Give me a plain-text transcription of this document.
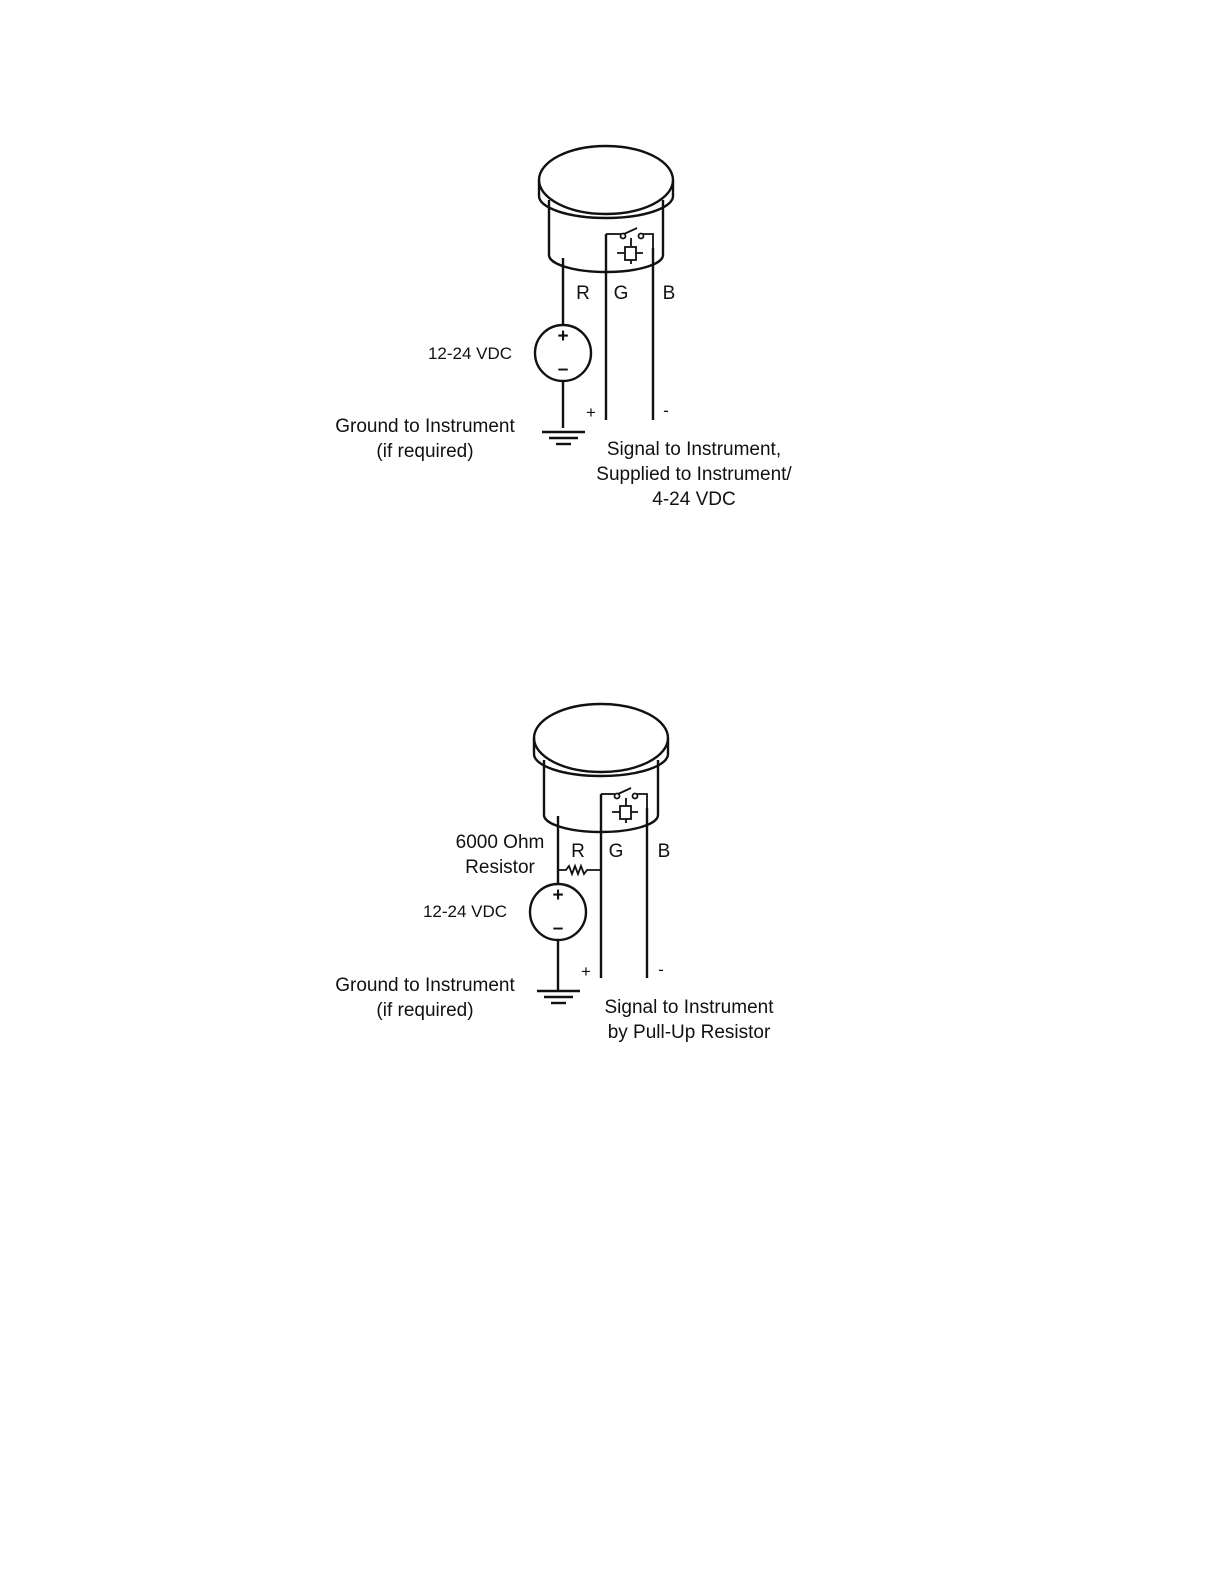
+
–
R G B
12-24 VDC
+	-
Ground to Instrument
(if required)	Signal to Instrument,
Supplied to Instrument/
4-24 VDC
+
–
6000 Ohm
Resistor
R G B
12-24 VDC
+	-
Ground to Instrument
(if required)	Signal to Instrument
by Pull-Up Resistor
